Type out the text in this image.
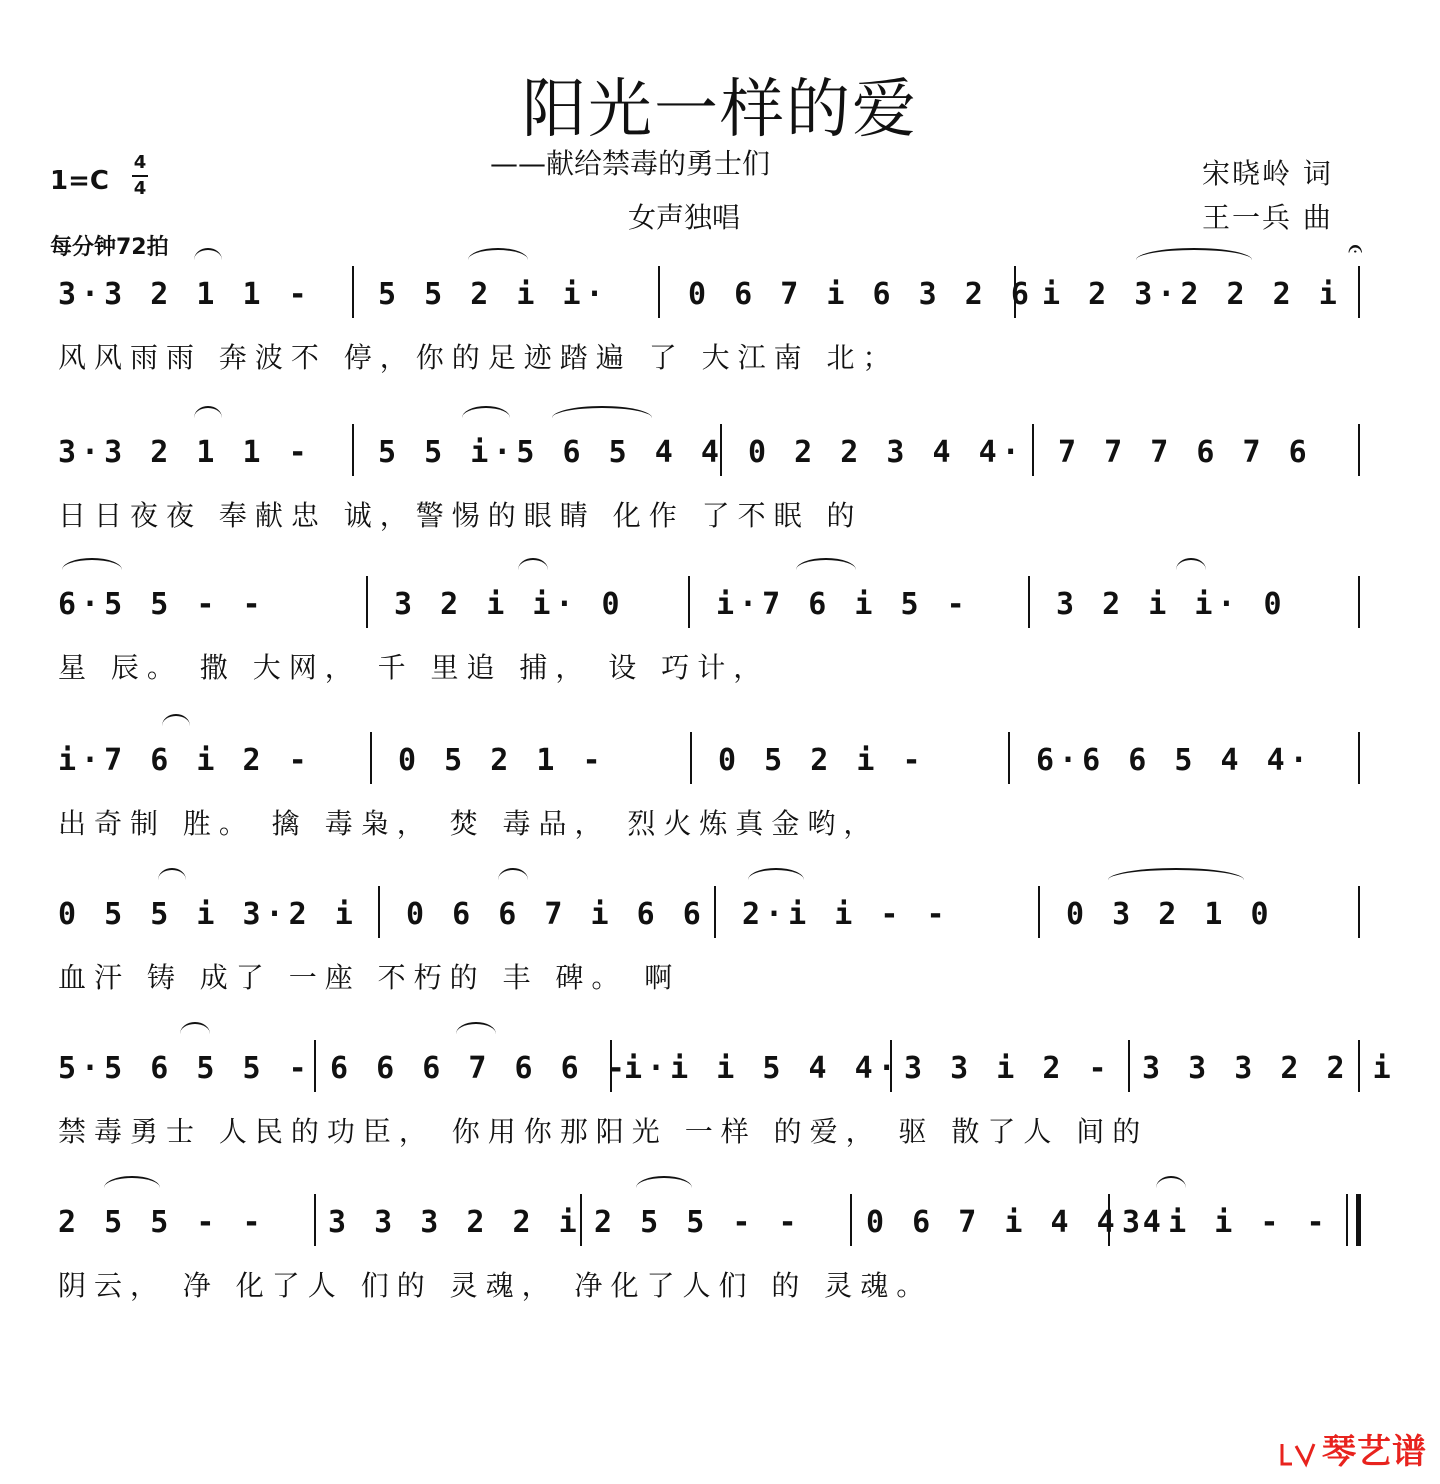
阳光一样的爱
——献给禁毒的勇士们
女声独唱
宋晓岭 词
王一兵 曲
1=C
4
4
每分钟72拍	𝄐
3·3 2 1 1 -	5 5 2 i i·	0 6 7 i 6 3 2 6 i 2 3·2 2 2 i
风风雨雨 奔波不 停，你的足迹踏遍 了 大江南 北；
3·3 2 1 1 -	5 5 i·5 6 5 4 4 0 2 2 3 4 4· 7 7 7 6 7 6
日日夜夜 奉献忠 诚，警惕的眼睛 化作 了不眠 的
6·5 5 - -	3 2 i i· 0	i·7 6 i 5 -	3 2 i i· 0
星 辰。 撒 大网， 千 里追 捕， 设 巧计，
i·7 6 i 2 -	0 5 2 1 -	0 5 2 i -	6·6 6 5 4 4·
出奇制 胜。 擒 毒枭， 焚 毒品， 烈火炼真金哟，
0 5 5 i 3·2 i	0 6 6 7 i 6 6 2·i i - -	0 3 2 1 0
血汗 铸 成了 一座 不朽的 丰 碑。 啊
5·5 6 5 5 - 6 6 6 7 6 6 -
i·i i 5 4 4· 3 3 i 2 -	3 3 3 2 2 i
禁毒勇士 人民的功臣， 你用你那阳光 一样 的爱， 驱 散了人 间的
2 5 5 - -	3 3 3 2 2 i 2 5 5 - -	0 6 7 i 4 4 4
3 i i - -
阴云， 净 化了人 们的 灵魂， 净化了人们 的 灵魂。
琴艺谱
